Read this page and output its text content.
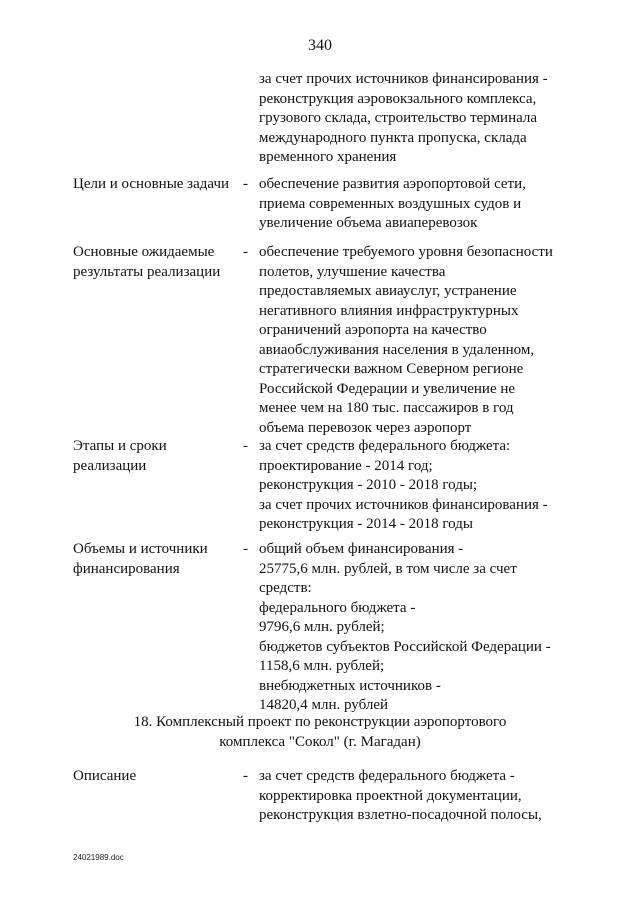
340
за счет прочих источников финансирования -
реконструкция аэровокзального комплекса,
грузового склада, строительство терминала
международного пункта пропуска, склада
временного хранения
Цели и основные задачи - обеспечение развития аэропортовой сети,
приема современных воздушных судов и
увеличение объема авиаперевозок
Основные ожидаемые
результаты реализации
- обеспечение требуемого уровня безопасности
полетов, улучшение качества
предоставляемых авиауслуг, устранение
негативного влияния инфраструктурных
ограничений аэропорта на качество
авиаобслуживания населения в удаленном,
стратегически важном Северном регионе
Российской Федерации и увеличение не
менее чем на 180 тыс. пассажиров в год
объема перевозок через аэропорт
Этапы и сроки
реализации
- за счет средств федерального бюджета:
проектирование - 2014 год;
реконструкция - 2010 - 2018 годы;
за счет прочих источников финансирования -
реконструкция - 2014 - 2018 годы
Объемы и источники
финансирования
- общий объем финансирования -
25775,6 млн. рублей, в том числе за счет
средств:
федерального бюджета -
9796,6 млн. рублей;
бюджетов субъектов Российской Федерации -
1158,6 млн. рублей;
внебюджетных источников -
14820,4 млн. рублей
18. Комплексный проект по реконструкции аэропортового
комплекса "Сокол" (г. Магадан)
Описание	- за счет средств федерального бюджета -
корректировка проектной документации,
реконструкция взлетно-посадочной полосы,
24021989.doc
